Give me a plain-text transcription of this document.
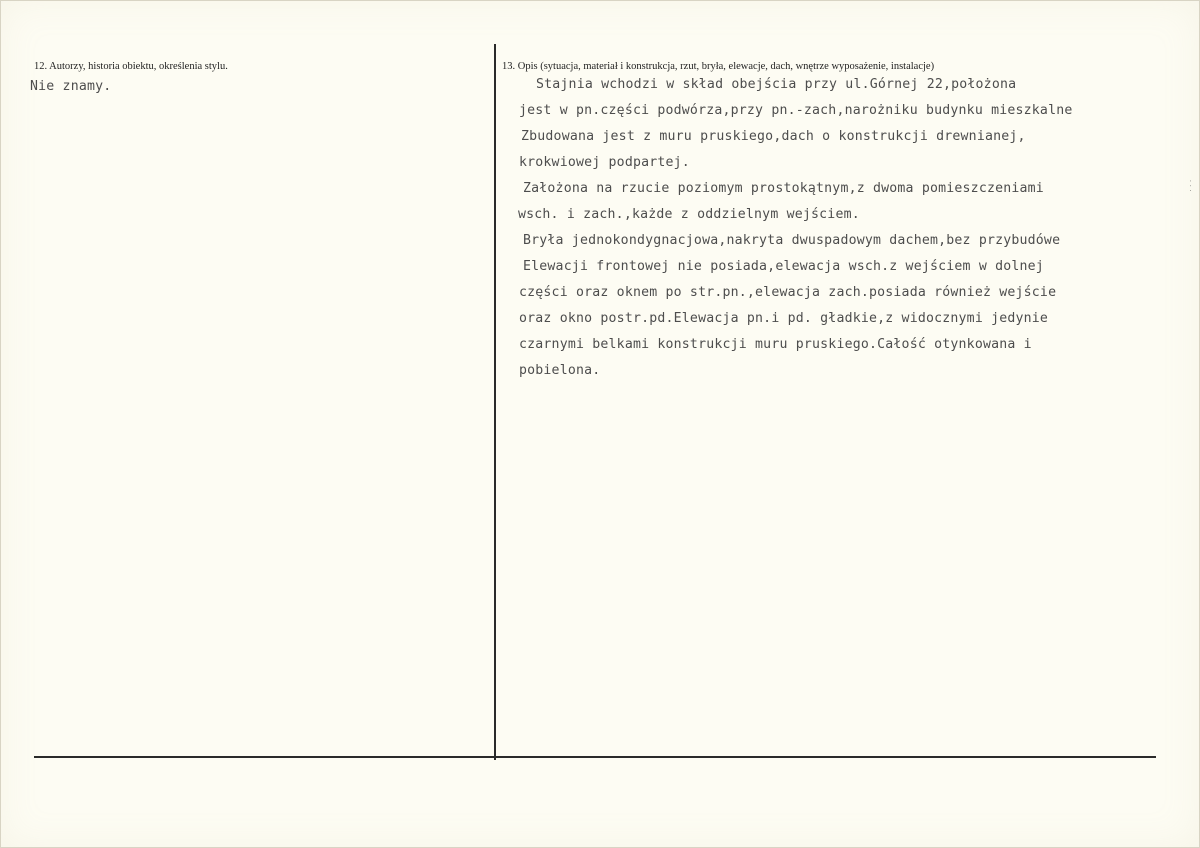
12. Autorzy, historia obiektu, określenia stylu.
Nie znamy.
13. Opis (sytuacja, materiał i konstrukcja, rzut, bryła, elewacje, dach, wnętrze wyposażenie, instalacje)
Stajnia wchodzi w skład obejścia przy ul.Górnej 22,położona
jest w pn.części podwórza,przy pn.-zach,narożniku budynku mieszkalne
Zbudowana jest z muru pruskiego,dach o konstrukcji drewnianej,
krokwiowej podpartej.
Założona na rzucie poziomym prostokątnym,z dwoma pomieszczeniami
wsch. i zach.,każde z oddzielnym wejściem.
Bryła jednokondygnacjowa,nakryta dwuspadowym dachem,bez przybudówe
Elewacji frontowej nie posiada,elewacja wsch.z wejściem w dolnej
części oraz oknem po str.pn.,elewacja zach.posiada również wejście
oraz okno postr.pd.Elewacja pn.i pd. gładkie,z widocznymi jedynie
czarnymi belkami konstrukcji muru pruskiego.Całość otynkowana i
pobielona.
· · ·
